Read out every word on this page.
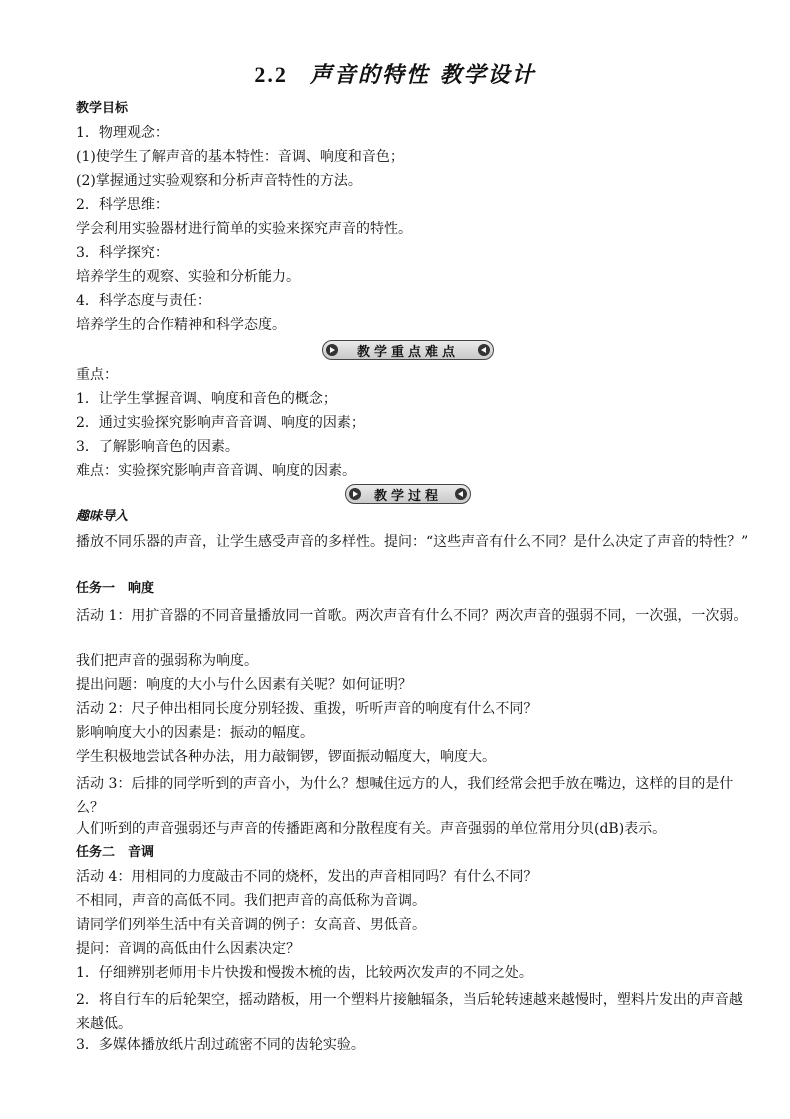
2.2 声音的特性 教学设计
教学目标
1．物理观念：
(1)使学生了解声音的基本特性：音调、响度和音色；
(2)掌握通过实验观察和分析声音特性的方法。
2．科学思维：
学会利用实验器材进行简单的实验来探究声音的特性。
3．科学探究：
培养学生的观察、实验和分析能力。
4．科学态度与责任：
培养学生的合作精神和科学态度。
教学重点难点
重点：
1．让学生掌握音调、响度和音色的概念；
2．通过实验探究影响声音音调、响度的因素；
3．了解影响音色的因素。
难点：实验探究影响声音音调、响度的因素。
教学过程
趣味导入
播放不同乐器的声音，让学生感受声音的多样性。提问：“这些声音有什么不同？是什么决定了声音的特性？”
任务一　响度
活动 1：用扩音器的不同音量播放同一首歌。两次声音有什么不同？两次声音的强弱不同，一次强，一次弱。
我们把声音的强弱称为响度。
提出问题：响度的大小与什么因素有关呢？如何证明？
活动 2：尺子伸出相同长度分别轻拨、重拨，听听声音的响度有什么不同？
影响响度大小的因素是：振动的幅度。
学生积极地尝试各种办法，用力敲铜锣，锣面振动幅度大，响度大。
活动 3：后排的同学听到的声音小，为什么？想喊住远方的人，我们经常会把手放在嘴边，这样的目的是什么？
人们听到的声音强弱还与声音的传播距离和分散程度有关。声音强弱的单位常用分贝(dB)表示。
任务二　音调
活动 4：用相同的力度敲击不同的烧杯，发出的声音相同吗？有什么不同？
不相同，声音的高低不同。我们把声音的高低称为音调。
请同学们列举生活中有关音调的例子：女高音、男低音。
提问：音调的高低由什么因素决定？
1．仔细辨别老师用卡片快拨和慢拨木梳的齿，比较两次发声的不同之处。
2．将自行车的后轮架空，摇动踏板，用一个塑料片接触辐条，当后轮转速越来越慢时，塑料片发出的声音越来越低。
3．多媒体播放纸片刮过疏密不同的齿轮实验。
